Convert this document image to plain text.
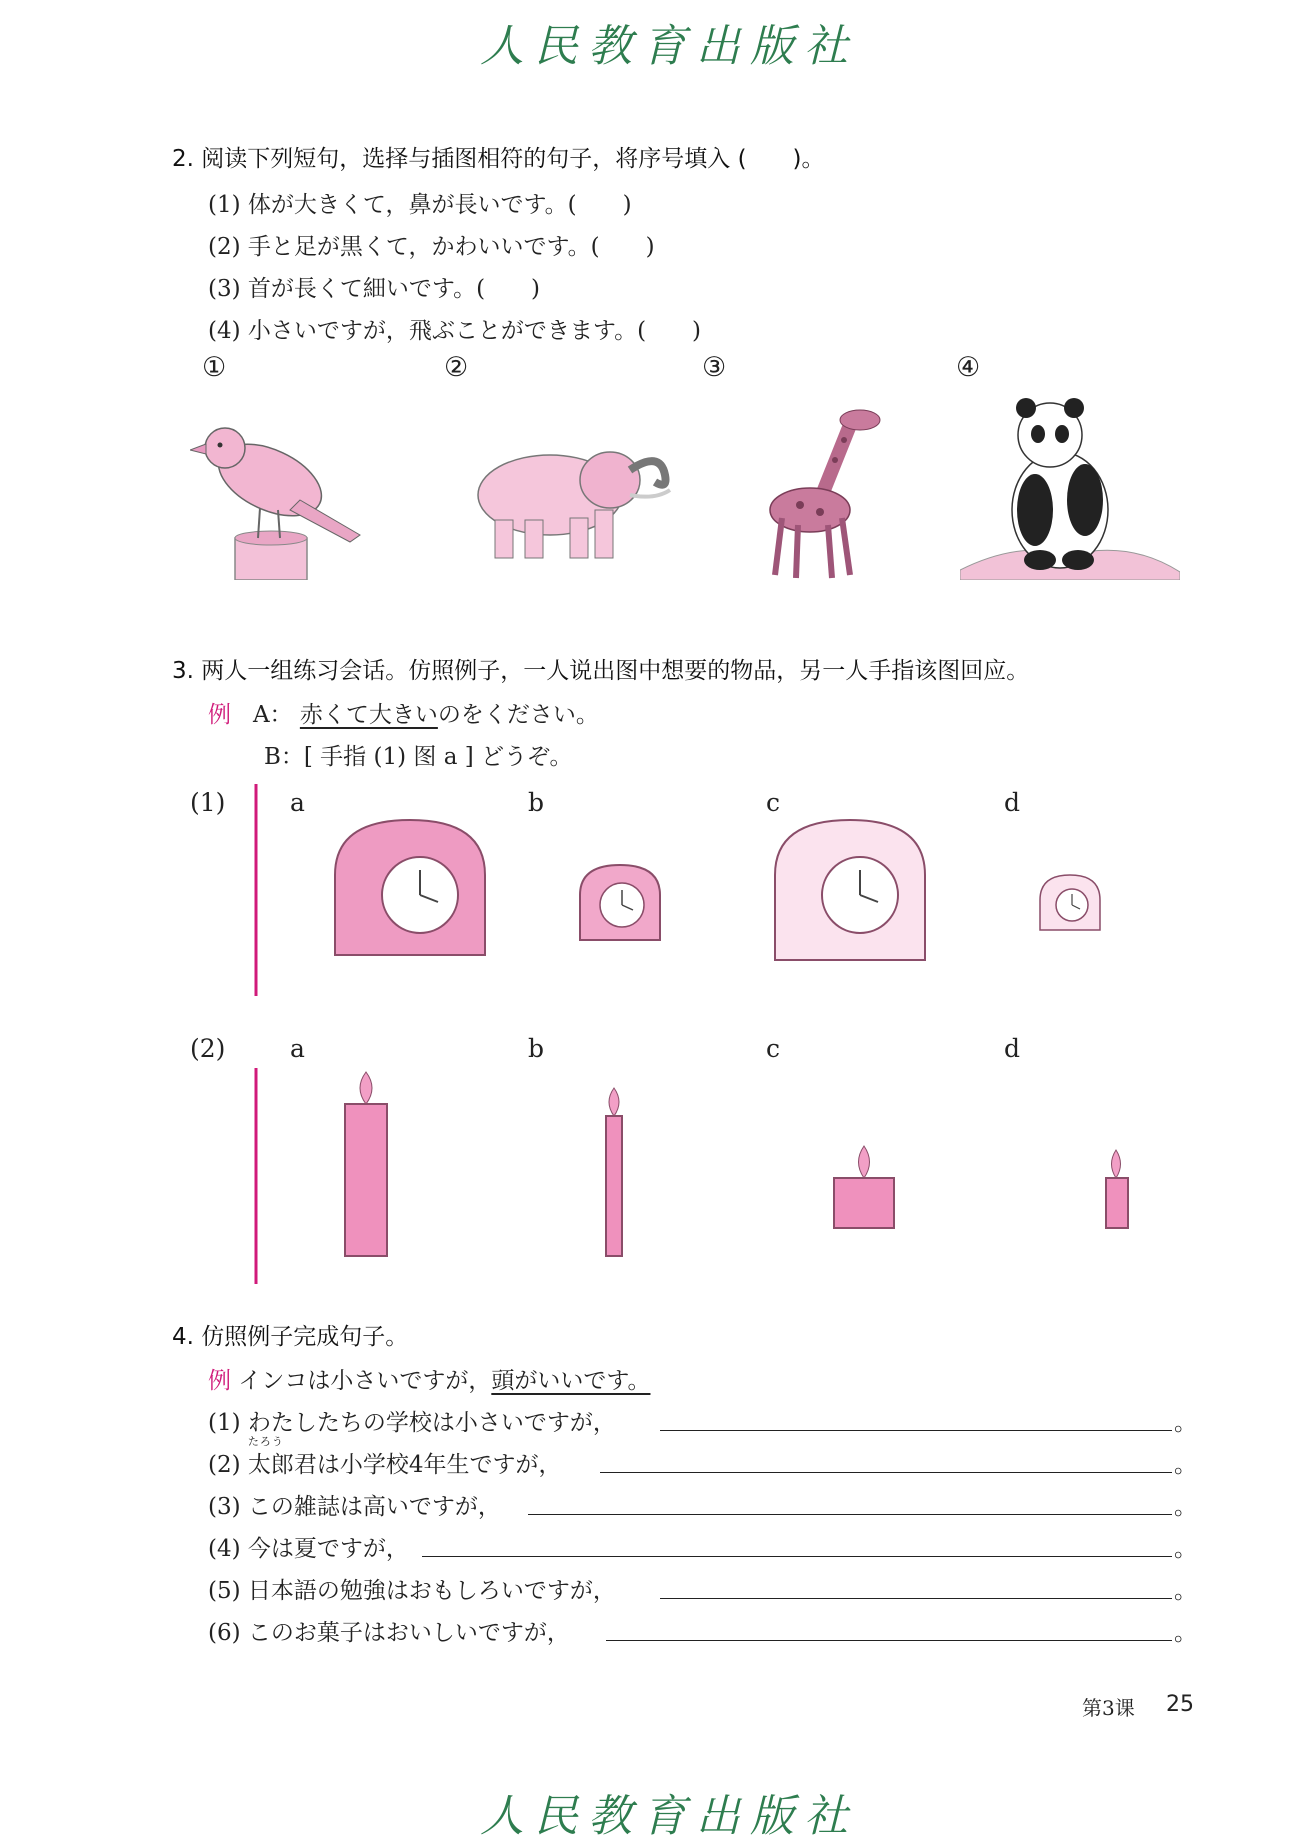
人民教育出版社
2. 阅读下列短句，选择与插图相符的句子，将序号填入 (　　)。
(1) 体が大きくて，鼻が長いです。(　　)
(2) 手と足が黒くて，かわいいです。(　　)
(3) 首が長くて細いです。(　　)
(4) 小さいですが，飛ぶことができます。(　　)
①	②	③	④
3. 两人一组练习会话。仿照例子，一人说出图中想要的物品，另一人手指该图回应。
例 A： 赤くて大きいのをください。
B：[ 手指 (1) 图 a ] どうぞ。
(1)	a	b	c	d
(2)	a	b	c	d
4. 仿照例子完成句子。
例 インコは小さいですが，頭がいいです。
(1) わたしたちの学校は小さいですが，	。
(2)
たろう
太郎君は小学校4年生ですが，	。
(3) この雑誌は高いですが，	。
(4) 今は夏ですが，	。
(5) 日本語の勉強はおもしろいですが，	。
(6) このお菓子はおいしいですが，	。
第3课 25
人民教育出版社
